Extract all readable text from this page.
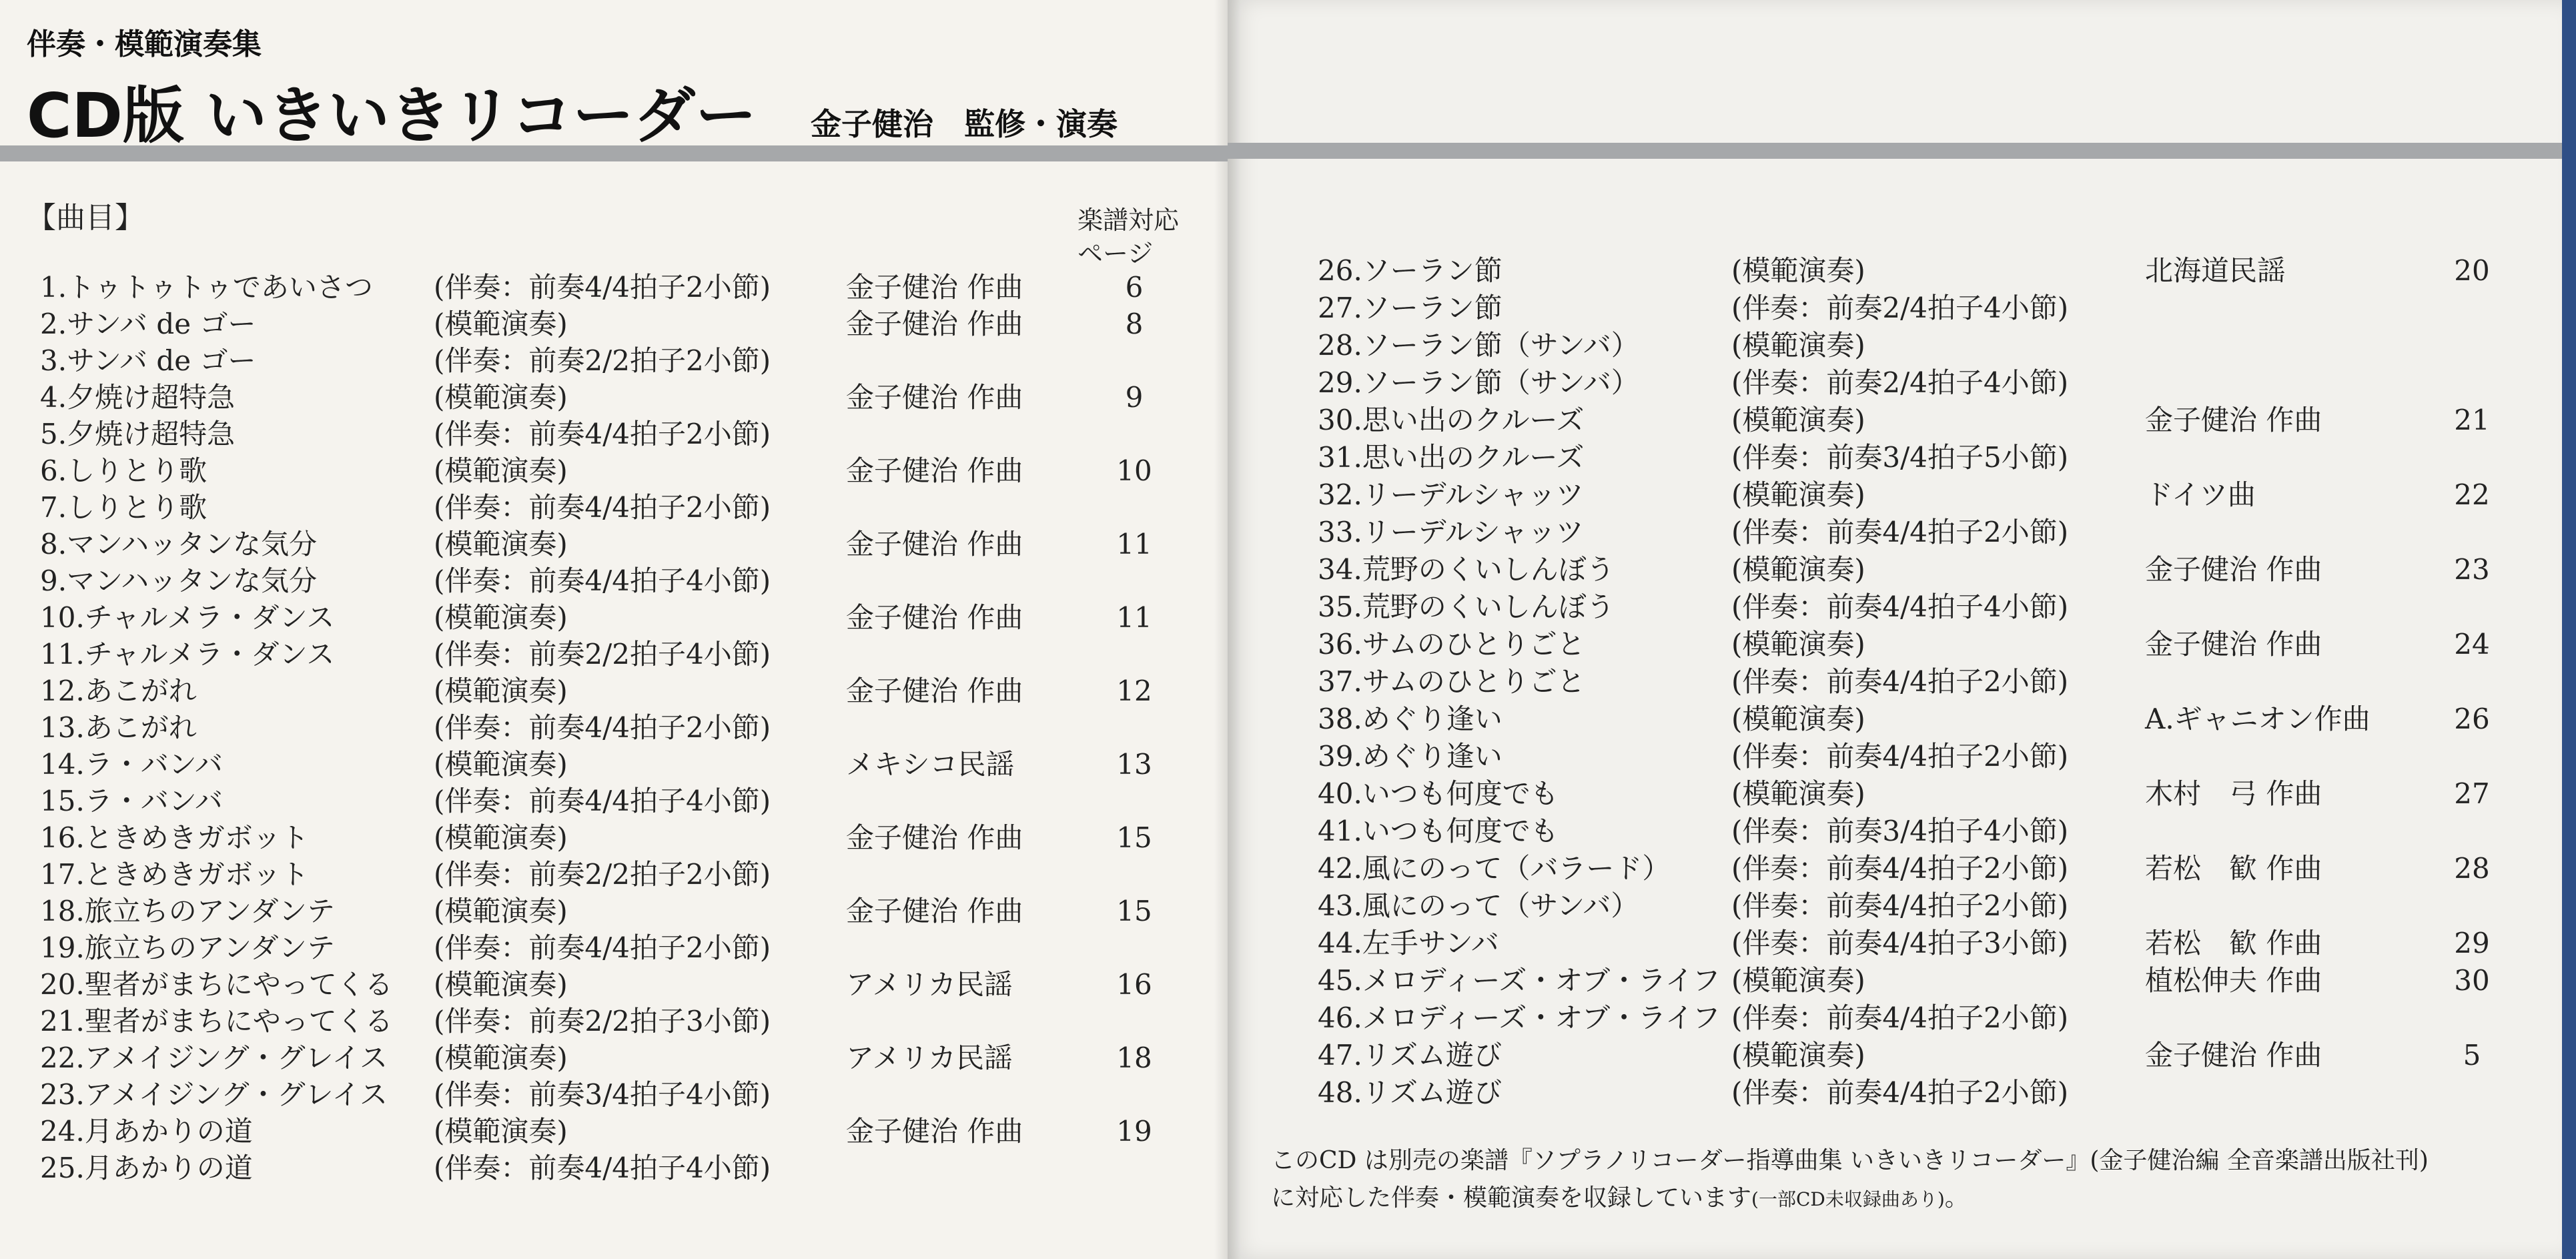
伴奏・模範演奏集
CD版 いきいきリコーダー 金子健治　監修・演奏
【曲目】	楽譜対応
ページ
1.トゥトゥトゥであいさつ (伴奏：前奏4/4拍子2小節)	金子健治 作曲	6
2.サンバ de ゴー	(模範演奏)	金子健治 作曲	8
3.サンバ de ゴー	(伴奏：前奏2/2拍子2小節)
4.夕焼け超特急	(模範演奏)	金子健治 作曲	9
5.夕焼け超特急	(伴奏：前奏4/4拍子2小節)
6.しりとり歌	(模範演奏)	金子健治 作曲	10
7.しりとり歌	(伴奏：前奏4/4拍子2小節)
8.マンハッタンな気分	(模範演奏)	金子健治 作曲	11
9.マンハッタンな気分	(伴奏：前奏4/4拍子4小節)
10.チャルメラ・ダンス	(模範演奏)	金子健治 作曲	11
11.チャルメラ・ダンス	(伴奏：前奏2/2拍子4小節)
12.あこがれ	(模範演奏)	金子健治 作曲	12
13.あこがれ	(伴奏：前奏4/4拍子2小節)
14.ラ・バンバ	(模範演奏)	メキシコ民謡	13
15.ラ・バンバ	(伴奏：前奏4/4拍子4小節)
16.ときめきガボット	(模範演奏)	金子健治 作曲	15
17.ときめきガボット	(伴奏：前奏2/2拍子2小節)
18.旅立ちのアンダンテ	(模範演奏)	金子健治 作曲	15
19.旅立ちのアンダンテ	(伴奏：前奏4/4拍子2小節)
20.聖者がまちにやってくる (模範演奏)	アメリカ民謡	16
21.聖者がまちにやってくる (伴奏：前奏2/2拍子3小節)
22.アメイジング・グレイス (模範演奏)	アメリカ民謡	18
23.アメイジング・グレイス (伴奏：前奏3/4拍子4小節)
24.月あかりの道	(模範演奏)	金子健治 作曲	19
25.月あかりの道	(伴奏：前奏4/4拍子4小節)
26.ソーラン節	(模範演奏)	北海道民謡	20
27.ソーラン節	(伴奏：前奏2/4拍子4小節)
28.ソーラン節（サンバ）	(模範演奏)
29.ソーラン節（サンバ）	(伴奏：前奏2/4拍子4小節)
30.思い出のクルーズ	(模範演奏)	金子健治 作曲	21
31.思い出のクルーズ	(伴奏：前奏3/4拍子5小節)
32.リーデルシャッツ	(模範演奏)	ドイツ曲	22
33.リーデルシャッツ	(伴奏：前奏4/4拍子2小節)
34.荒野のくいしんぼう	(模範演奏)	金子健治 作曲	23
35.荒野のくいしんぼう	(伴奏：前奏4/4拍子4小節)
36.サムのひとりごと	(模範演奏)	金子健治 作曲	24
37.サムのひとりごと	(伴奏：前奏4/4拍子2小節)
38.めぐり逢い	(模範演奏)	A.ギャニオン作曲	26
39.めぐり逢い	(伴奏：前奏4/4拍子2小節)
40.いつも何度でも	(模範演奏)	木村　弓 作曲	27
41.いつも何度でも	(伴奏：前奏3/4拍子4小節)
42.風にのって（バラード） (伴奏：前奏4/4拍子2小節)	若松　歓 作曲	28
43.風にのって（サンバ）	(伴奏：前奏4/4拍子2小節)
44.左手サンバ	(伴奏：前奏4/4拍子3小節)	若松　歓 作曲	29
45.メロディーズ・オブ・ライフ (模範演奏)	植松伸夫 作曲	30
46.メロディーズ・オブ・ライフ (伴奏：前奏4/4拍子2小節)
47.リズム遊び	(模範演奏)	金子健治 作曲	5
48.リズム遊び	(伴奏：前奏4/4拍子2小節)
このCD は別売の楽譜『ソプラノリコーダー指導曲集 いきいきリコーダー』(金子健治編 全音楽譜出版社刊)
に対応した伴奏・模範演奏を収録しています(一部CD未収録曲あり)。
